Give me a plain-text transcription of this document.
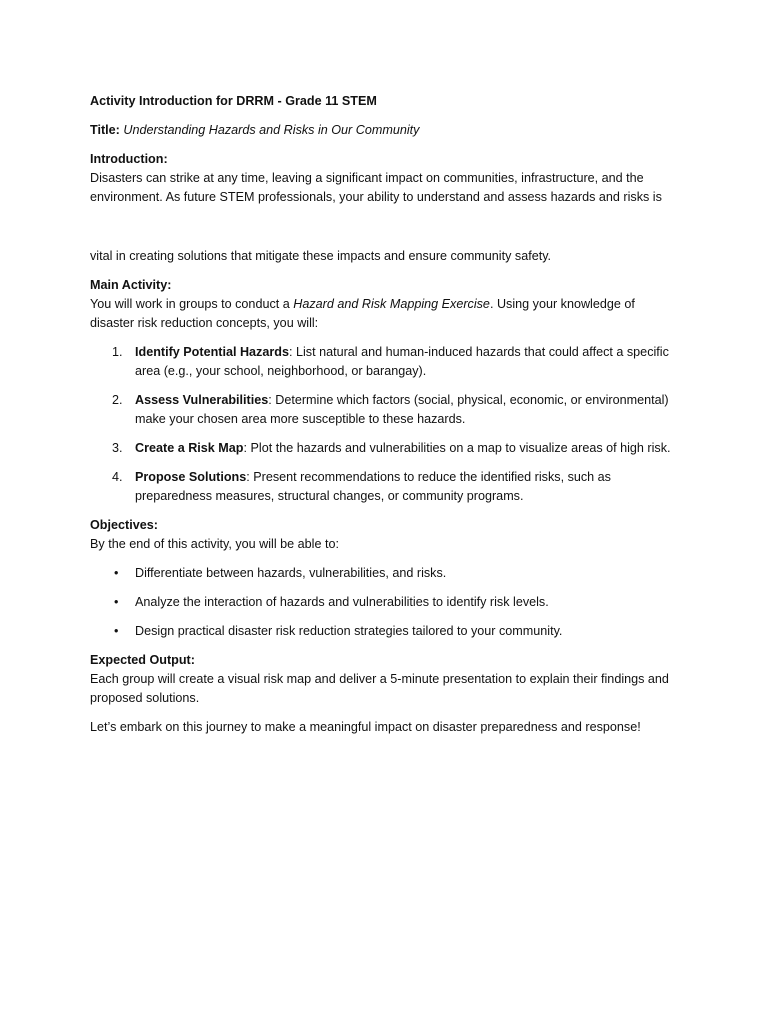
Activity Introduction for DRRM - Grade 11 STEM

Title: Understanding Hazards and Risks in Our Community

Introduction:

Disasters can strike at any time, leaving a significant impact on communities, infrastructure, and the environment. As future STEM professionals, your ability to understand and assess hazards and risks is

vital in creating solutions that mitigate these impacts and ensure community safety.

Main Activity:

You will work in groups to conduct a Hazard and Risk Mapping Exercise. Using your knowledge of disaster risk reduction concepts, you will:

1. Identify Potential Hazards: List natural and human-induced hazards that could affect a specific area (e.g., your school, neighborhood, or barangay).
2. Assess Vulnerabilities: Determine which factors (social, physical, economic, or environmental) make your chosen area more susceptible to these hazards.
3. Create a Risk Map: Plot the hazards and vulnerabilities on a map to visualize areas of high risk.
4. Propose Solutions: Present recommendations to reduce the identified risks, such as preparedness measures, structural changes, or community programs.

Objectives:

By the end of this activity, you will be able to:

• Differentiate between hazards, vulnerabilities, and risks.
• Analyze the interaction of hazards and vulnerabilities to identify risk levels.
• Design practical disaster risk reduction strategies tailored to your community.

Expected Output:

Each group will create a visual risk map and deliver a 5-minute presentation to explain their findings and proposed solutions.

Let’s embark on this journey to make a meaningful impact on disaster preparedness and response!
